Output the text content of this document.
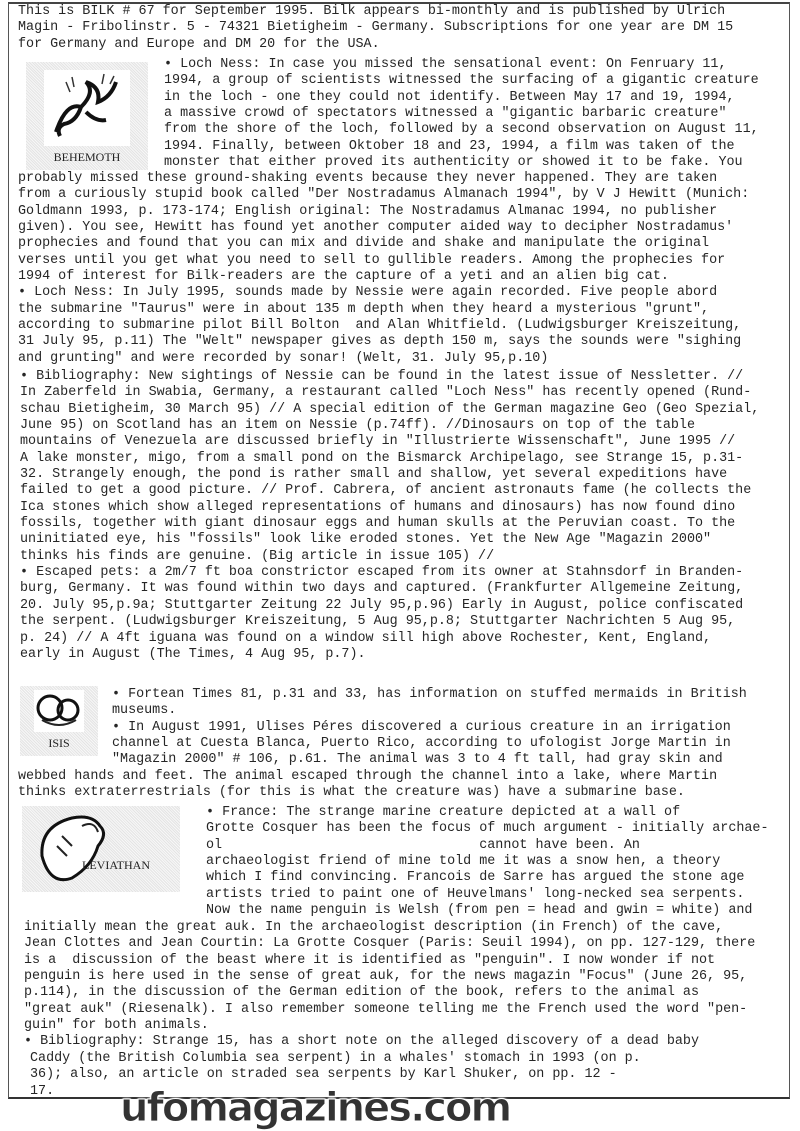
This is BILK # 67 for September 1995. Bilk appears bi-monthly and is published by Ulrich
Magin - Fribolinstr. 5 - 74321 Bietigheim - Germany. Subscriptions for one year are DM 15
for Germany and Europe and DM 20 for the USA.
BEHEMOTH
• Loch Ness: In case you missed the sensational event: On Fenruary 11,
1994, a group of scientists witnessed the surfacing of a gigantic creature
in the loch - one they could not identify. Between May 17 and 19, 1994,
a massive crowd of spectators witnessed a "gigantic barbaric creature"
from the shore of the loch, followed by a second observation on August 11,
1994. Finally, between Oktober 18 and 23, 1994, a film was taken of the
monster that either proved its authenticity or showed it to be fake. You
probably missed these ground-shaking events because they never happened. They are taken
from a curiously stupid book called "Der Nostradamus Almanach 1994", by V J Hewitt (Munich:
Goldmann 1993, p. 173-174; English original: The Nostradamus Almanac 1994, no publisher
given). You see, Hewitt has found yet another computer aided way to decipher Nostradamus'
prophecies and found that you can mix and divide and shake and manipulate the original
verses until you get what you need to sell to gullible readers. Among the prophecies for
1994 of interest for Bilk-readers are the capture of a yeti and an alien big cat.
• Loch Ness: In July 1995, sounds made by Nessie were again recorded. Five people abord
the submarine "Taurus" were in about 135 m depth when they heard a mysterious "grunt",
according to submarine pilot Bill Bolton  and Alan Whitfield. (Ludwigsburger Kreiszeitung,
31 July 95, p.11) The "Welt" newspaper gives as depth 150 m, says the sounds were "sighing
and grunting" and were recorded by sonar! (Welt, 31. July 95,p.10)
• Bibliography: New sightings of Nessie can be found in the latest issue of Nessletter. //
In Zaberfeld in Swabia, Germany, a restaurant called "Loch Ness" has recently opened (Rund-
schau Bietigheim, 30 March 95) // A special edition of the German magazine Geo (Geo Spezial,
June 95) on Scotland has an item on Nessie (p.74ff). //Dinosaurs on top of the table
mountains of Venezuela are discussed briefly in "Illustrierte Wissenschaft", June 1995 //
A lake monster, migo, from a small pond on the Bismarck Archipelago, see Strange 15, p.31-
32. Strangely enough, the pond is rather small and shallow, yet several expeditions have
failed to get a good picture. // Prof. Cabrera, of ancient astronauts fame (he collects the
Ica stones which show alleged representations of humans and dinosaurs) has now found dino
fossils, together with giant dinosaur eggs and human skulls at the Peruvian coast. To the
uninitiated eye, his "fossils" look like eroded stones. Yet the New Age "Magazin 2000"
thinks his finds are genuine. (Big article in issue 105) //
• Escaped pets: a 2m/7 ft boa constrictor escaped from its owner at Stahnsdorf in Branden-
burg, Germany. It was found within two days and captured. (Frankfurter Allgemeine Zeitung,
20. July 95,p.9a; Stuttgarter Zeitung 22 July 95,p.96) Early in August, police confiscated
the serpent. (Ludwigsburger Kreiszeitung, 5 Aug 95,p.8; Stuttgarter Nachrichten 5 Aug 95,
p. 24) // A 4ft iguana was found on a window sill high above Rochester, Kent, England,
early in August (The Times, 4 Aug 95, p.7).
ISIS
• Fortean Times 81, p.31 and 33, has information on stuffed mermaids in British
museums.
• In August 1991, Ulises Péres discovered a curious creature in an irrigation
channel at Cuesta Blanca, Puerto Rico, according to ufologist Jorge Martin in
"Magazin 2000" # 106, p.61. The animal was 3 to 4 ft tall, had gray skin and
webbed hands and feet. The animal escaped through the channel into a lake, where Martin
thinks extraterrestrials (for this is what the creature was) have a submarine base.
LEVIATHAN
• France: The strange marine creature depicted at a wall of
Grotte Cosquer has been the focus of much argument - initially archae-
ol                                cannot have been. An
archaeologist friend of mine told me it was a snow hen, a theory
which I find convincing. Francois de Sarre has argued the stone age
artists tried to paint one of Heuvelmans' long-necked sea serpents.
Now the name penguin is Welsh (from pen = head and gwin = white) and
initially mean the great auk. In the archaeologist description (in French) of the cave,
Jean Clottes and Jean Courtin: La Grotte Cosquer (Paris: Seuil 1994), on pp. 127-129, there
is a  discussion of the beast where it is identified as "penguin". I now wonder if not
penguin is here used in the sense of great auk, for the news magazin "Focus" (June 26, 95,
p.114), in the discussion of the German edition of the book, refers to the animal as
"great auk" (Riesenalk). I also remember someone telling me the French used the word "pen-
guin" for both animals.
• Bibliography: Strange 15, has a short note on the alleged discovery of a dead baby
Caddy (the British Columbia sea serpent) in a whales' stomach in 1993 (on p.
36); also, an article on straded sea serpents by Karl Shuker, on pp. 12 -
17. ufomagazines.com
